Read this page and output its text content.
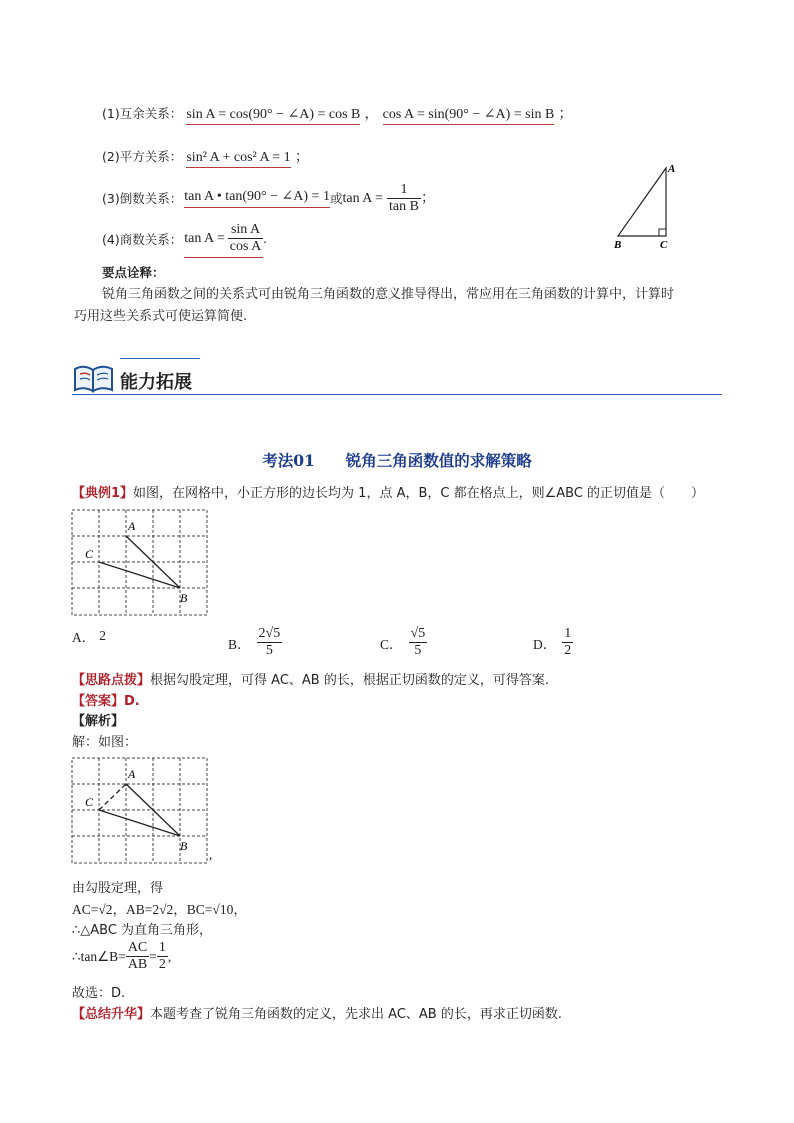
(1)互余关系： sin A = cos(90° − ∠A) = cos B ， cos A = sin(90° − ∠A) = sin B ；
(2)平方关系： sin² A + cos² A = 1 ；
(3)倒数关系： tan A • tan(90° − ∠A) = 1 或 $\tan A = \frac{1}{\text{tan B}}$ ；
(4)商数关系： $\tan A = \frac{\text{sin A}}{\text{cos A}}$ .
A
B	C
要点诠释：
锐角三角函数之间的关系式可由锐角三角函数的意义推导得出，常应用在三角函数的计算中，计算时
巧用这些关系式可使运算简便.
能力拓展
考法01　　锐角三角函数值的求解策略
【典例1】如图，在网格中，小正方形的边长均为 1，点 A，B，C 都在格点上，则∠ABC 的正切值是（　　）
A
C
B
A． 2
B． $\frac{2√5}{5}$	C． $\frac{√5}{5}$	D． $\frac{1}{2}$
【思路点拨】根据勾股定理，可得 AC、AB 的长，根据正切函数的定义，可得答案.
【答案】D.
【解析】
解：如图：
A
C
B
,
由勾股定理，得
AC=√2，AB=2√2，BC=√10，
∴△ABC 为直角三角形，
∴tan∠B= $\frac{AC}{AB} = \frac{1}{2}$ ,
故选：D.
【总结升华】本题考查了锐角三角函数的定义，先求出 AC、AB 的长，再求正切函数.
